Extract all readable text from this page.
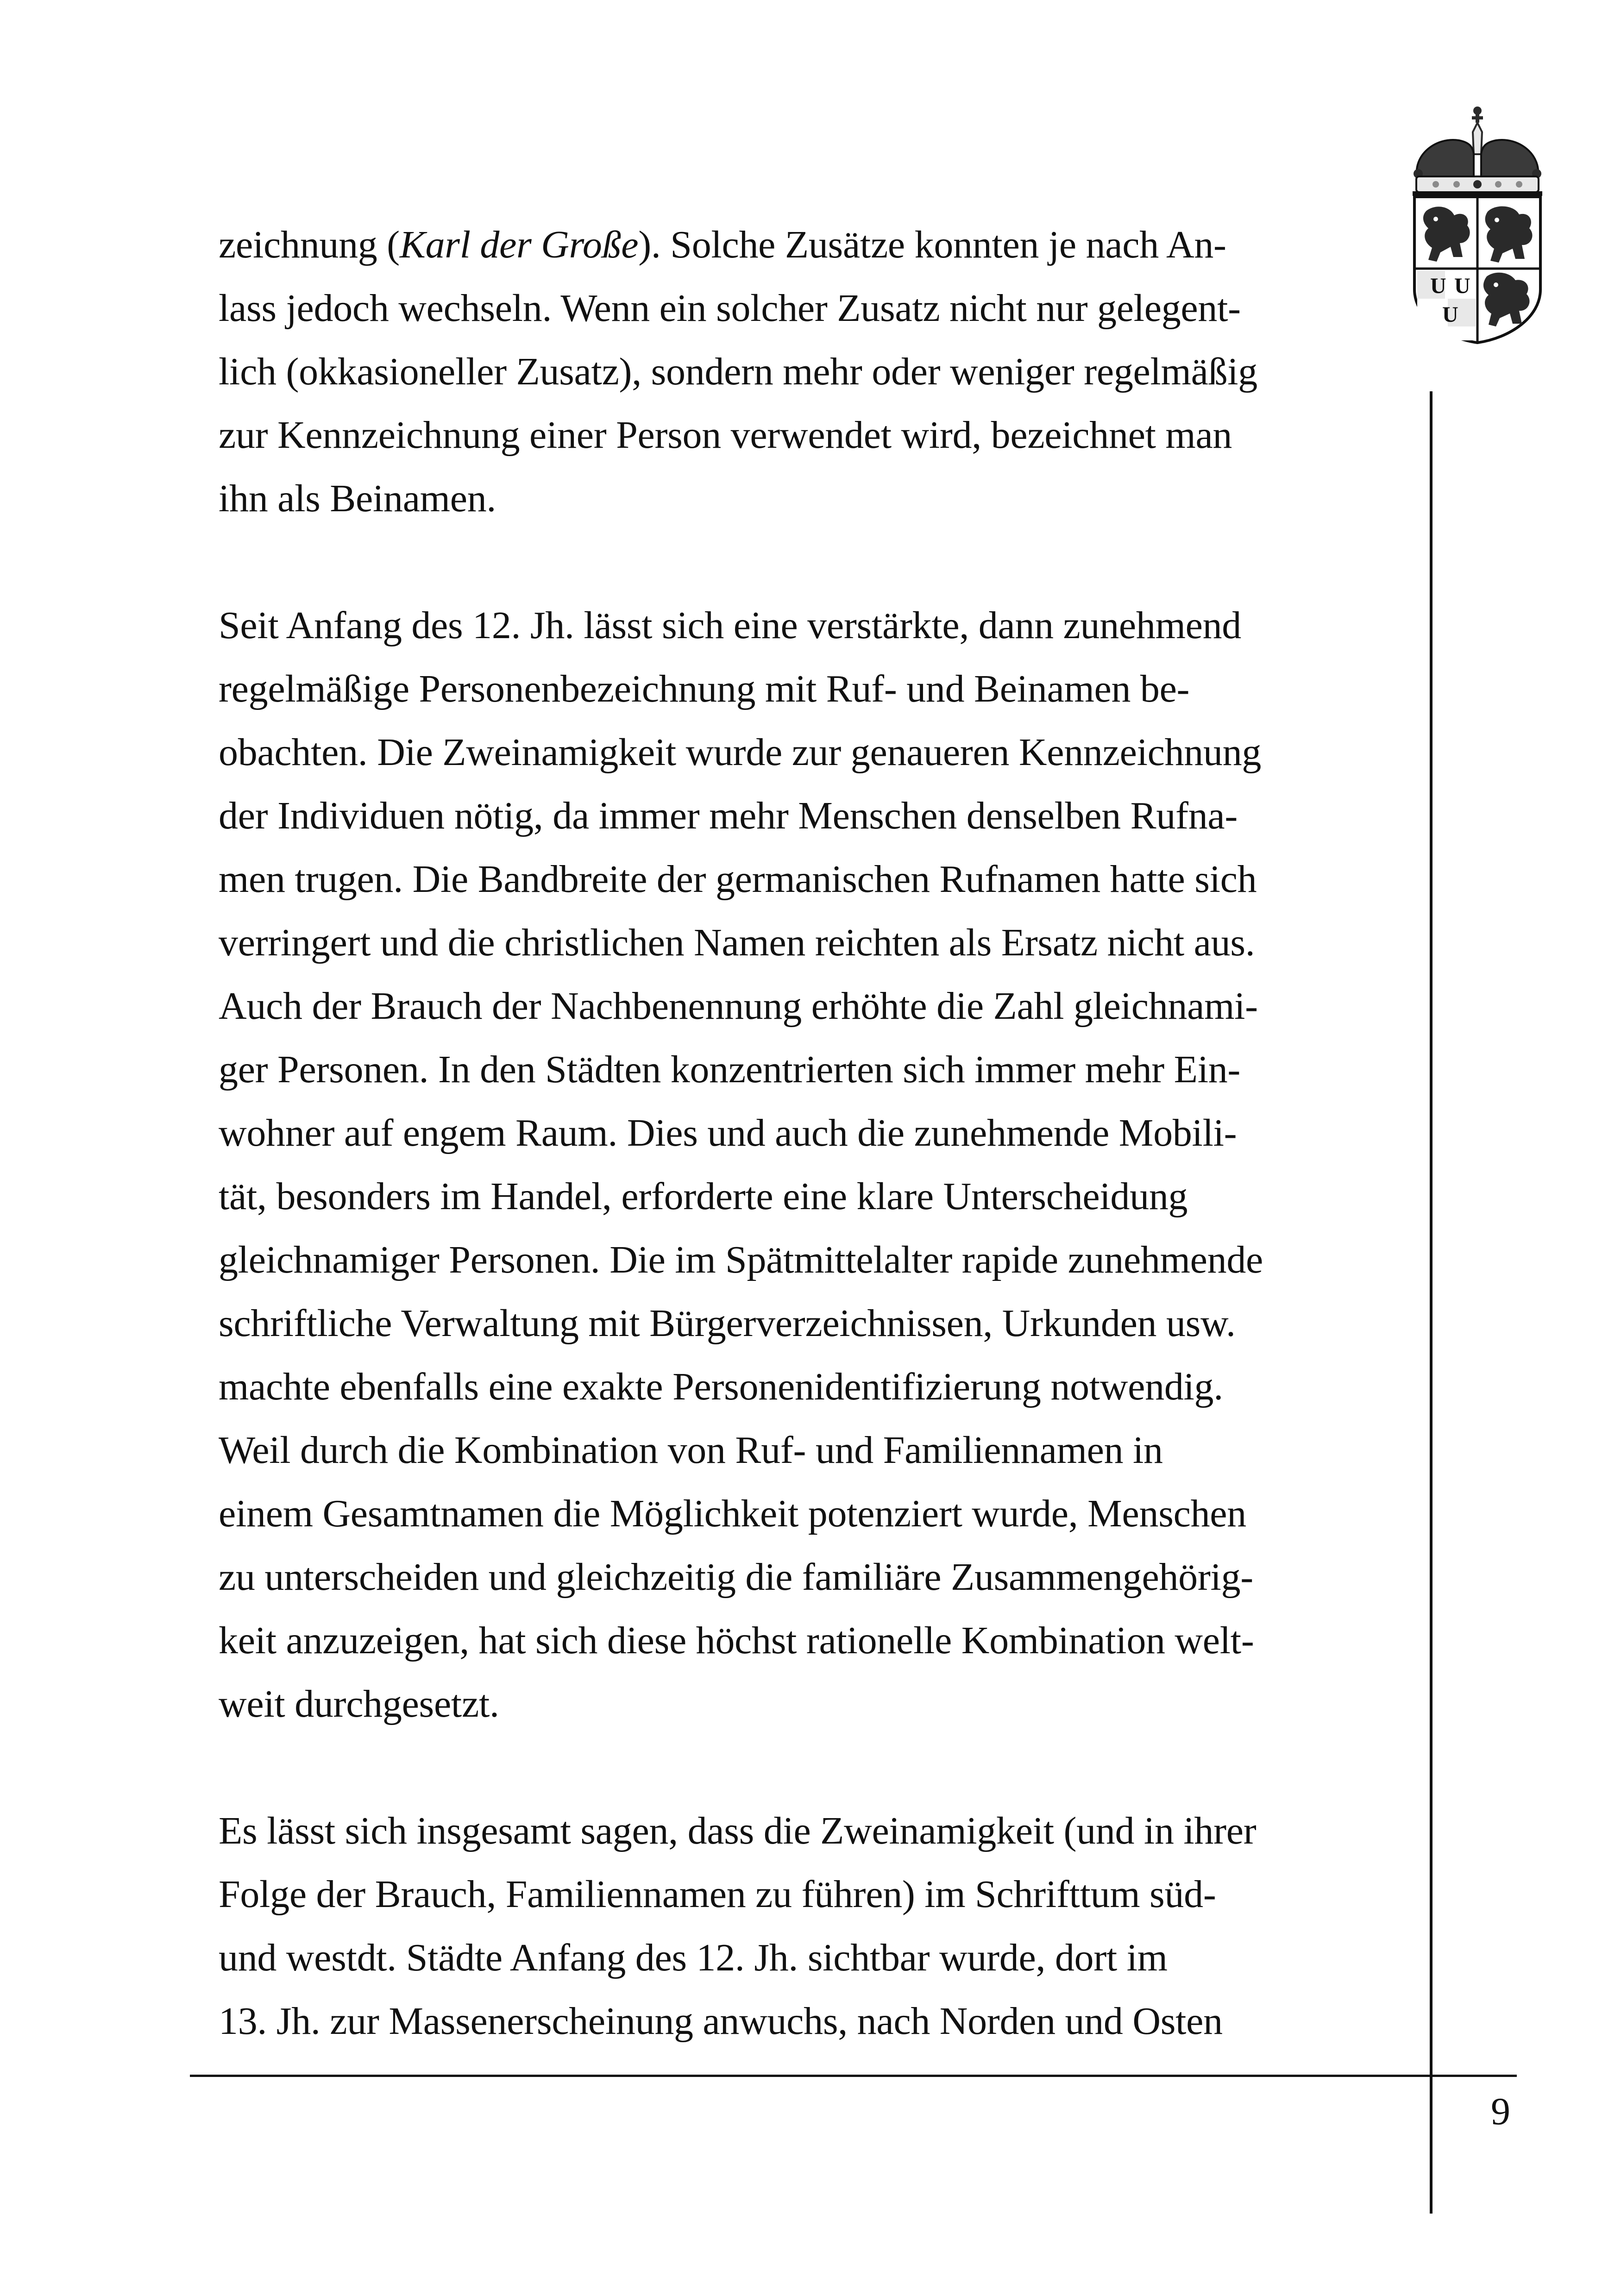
U U
U

zeichnung (Karl der Große). Solche Zusätze konnten je nach An-
lass jedoch wechseln. Wenn ein solcher Zusatz nicht nur gelegent-
lich (okkasioneller Zusatz), sondern mehr oder weniger regelmäßig
zur Kennzeichnung einer Person verwendet wird, bezeichnet man
ihn als Beinamen.

Seit Anfang des 12. Jh. lässt sich eine verstärkte, dann zunehmend
regelmäßige Personenbezeichnung mit Ruf- und Beinamen be-
obachten. Die Zweinamigkeit wurde zur genaueren Kennzeichnung
der Individuen nötig, da immer mehr Menschen denselben Rufna-
men trugen. Die Bandbreite der germanischen Rufnamen hatte sich
verringert und die christlichen Namen reichten als Ersatz nicht aus.
Auch der Brauch der Nachbenennung erhöhte die Zahl gleichnami-
ger Personen. In den Städten konzentrierten sich immer mehr Ein-
wohner auf engem Raum. Dies und auch die zunehmende Mobili-
tät, besonders im Handel, erforderte eine klare Unterscheidung
gleichnamiger Personen. Die im Spätmittelalter rapide zunehmende
schriftliche Verwaltung mit Bürgerverzeichnissen, Urkunden usw.
machte ebenfalls eine exakte Personenidentifizierung notwendig.
Weil durch die Kombination von Ruf- und Familiennamen in
einem Gesamtnamen die Möglichkeit potenziert wurde, Menschen
zu unterscheiden und gleichzeitig die familiäre Zusammengehörig-
keit anzuzeigen, hat sich diese höchst rationelle Kombination welt-
weit durchgesetzt.

Es lässt sich insgesamt sagen, dass die Zweinamigkeit (und in ihrer
Folge der Brauch, Familiennamen zu führen) im Schrifttum süd-
und westdt. Städte Anfang des 12. Jh. sichtbar wurde, dort im
13. Jh. zur Massenerscheinung anwuchs, nach Norden und Osten

9
